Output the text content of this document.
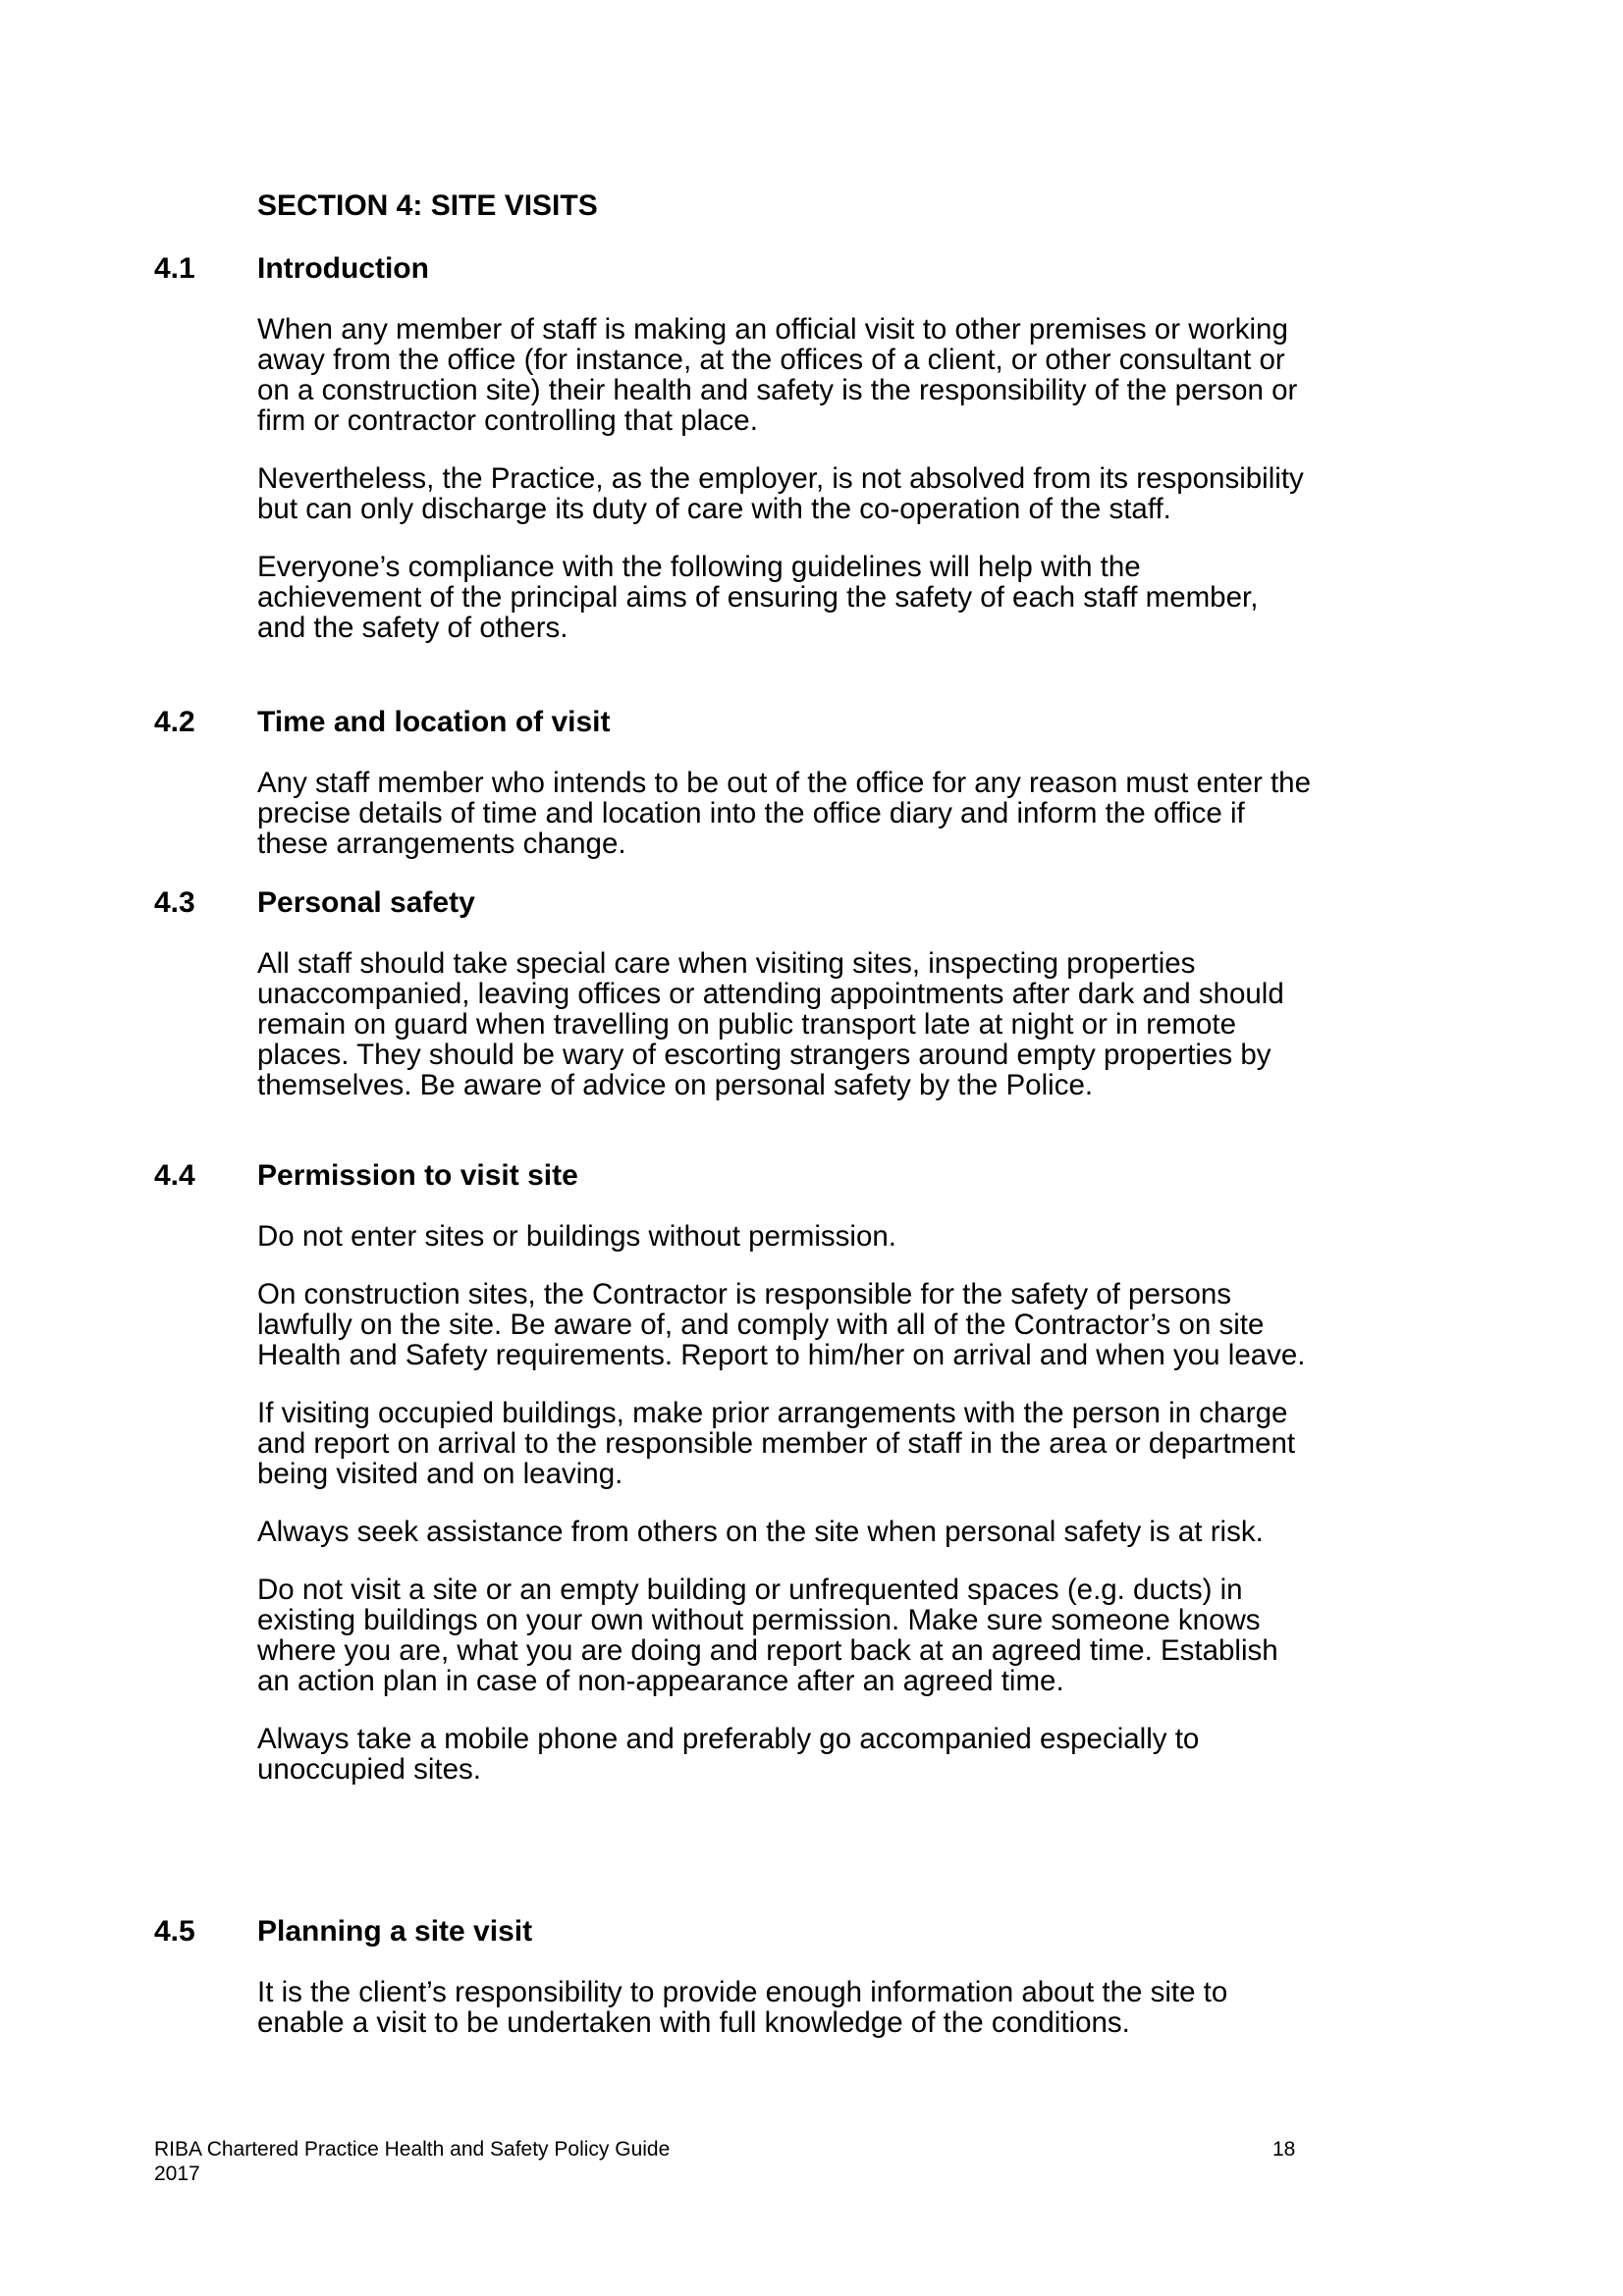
SECTION 4: SITE VISITS
4.1 Introduction
When any member of staff is making an official visit to other premises or working away from the office (for instance, at the offices of a client, or other consultant or on a construction site) their health and safety is the responsibility of the person or firm or contractor controlling that place.
Nevertheless, the Practice, as the employer, is not absolved from its responsibility but can only discharge its duty of care with the co-operation of the staff.
Everyone’s compliance with the following guidelines will help with the achievement of the principal aims of ensuring the safety of each staff member, and the safety of others.
4.2 Time and location of visit
Any staff member who intends to be out of the office for any reason must enter the precise details of time and location into the office diary and inform the office if these arrangements change.
4.3 Personal safety
All staff should take special care when visiting sites, inspecting properties unaccompanied, leaving offices or attending appointments after dark and should remain on guard when travelling on public transport late at night or in remote places. They should be wary of escorting strangers around empty properties by themselves. Be aware of advice on personal safety by the Police.
4.4 Permission to visit site
Do not enter sites or buildings without permission.
On construction sites, the Contractor is responsible for the safety of persons lawfully on the site. Be aware of, and comply with all of the Contractor’s on site Health and Safety requirements. Report to him/her on arrival and when you leave.
If visiting occupied buildings, make prior arrangements with the person in charge and report on arrival to the responsible member of staff in the area or department being visited and on leaving.
Always seek assistance from others on the site when personal safety is at risk.
Do not visit a site or an empty building or unfrequented spaces (e.g. ducts) in existing buildings on your own without permission. Make sure someone knows where you are, what you are doing and report back at an agreed time. Establish an action plan in case of non-appearance after an agreed time.
Always take a mobile phone and preferably go accompanied especially to unoccupied sites.
4.5 Planning a site visit
It is the client’s responsibility to provide enough information about the site to enable a visit to be undertaken with full knowledge of the conditions.
RIBA Chartered Practice Health and Safety Policy Guide
2017
18
